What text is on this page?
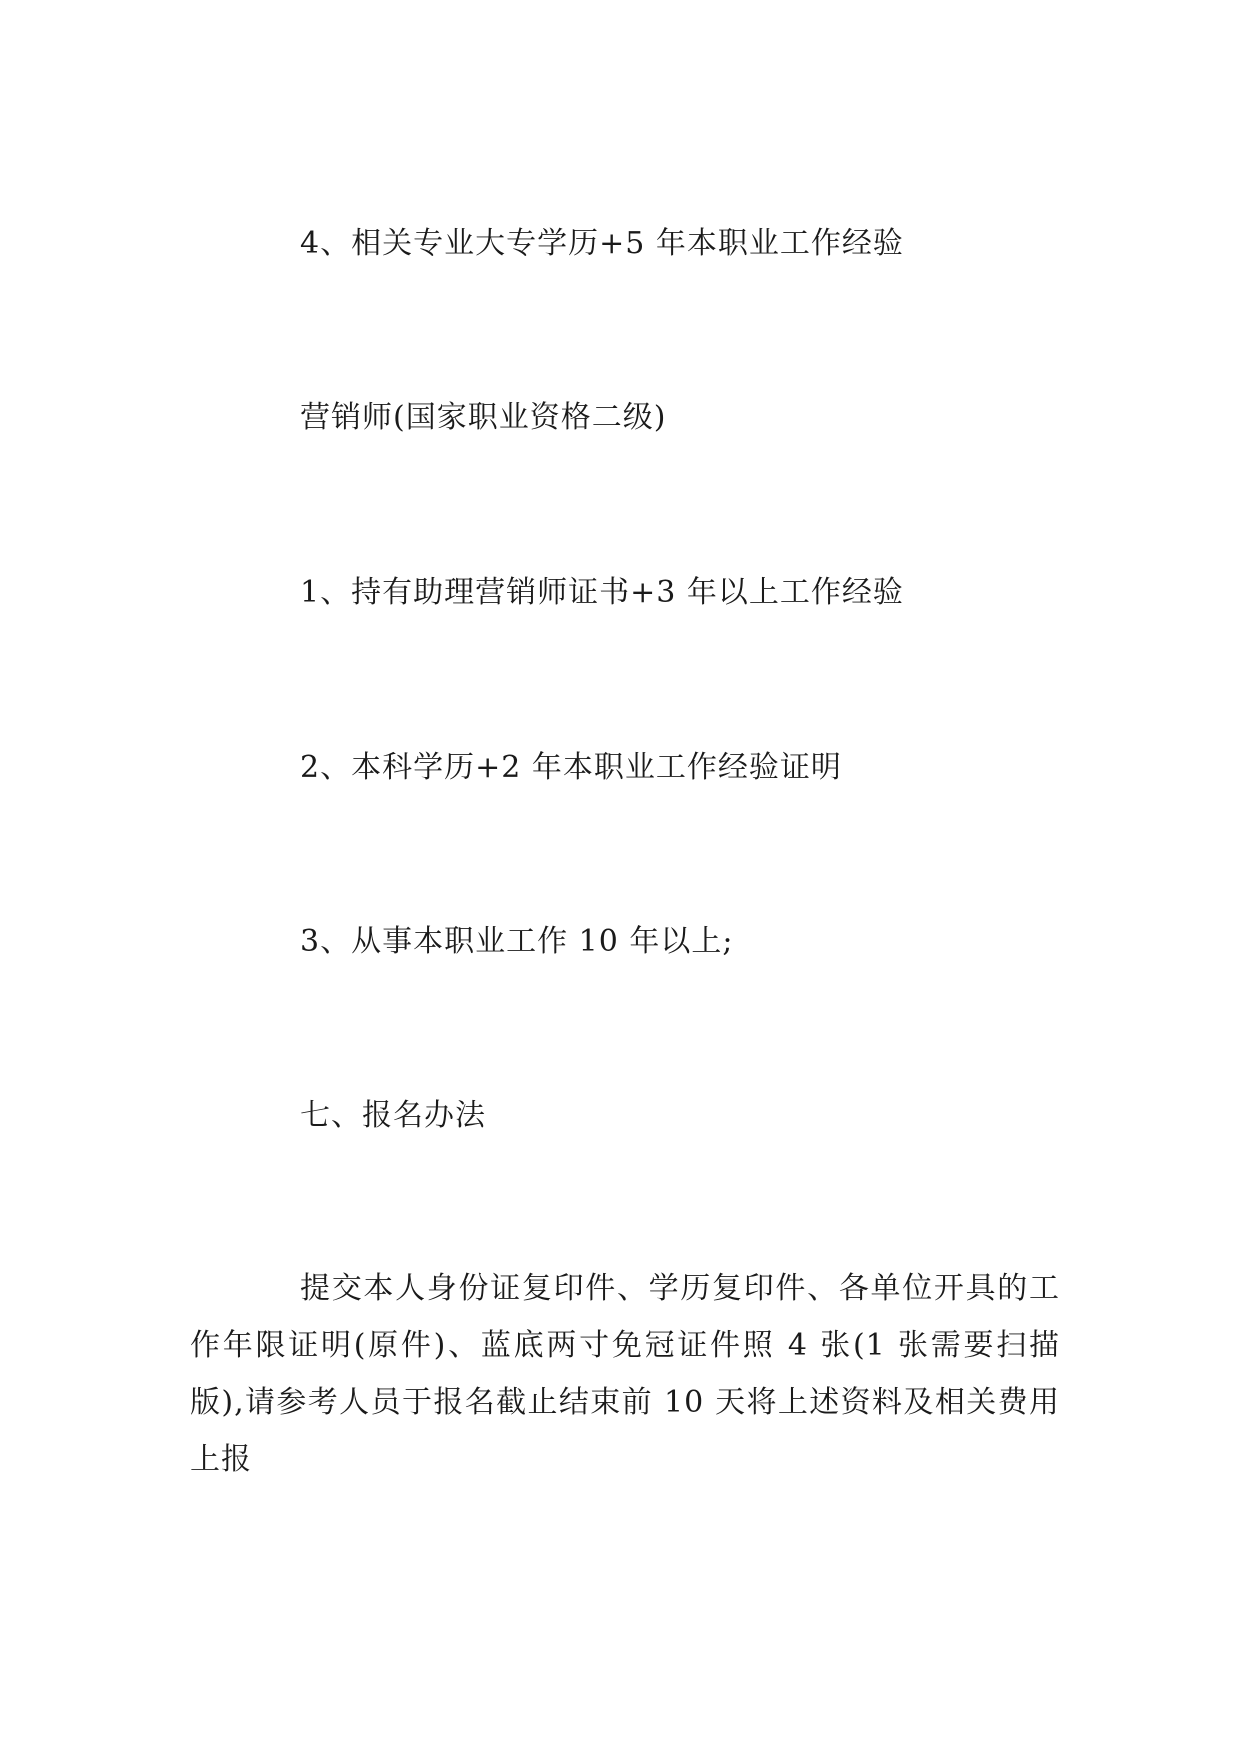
4、相关专业大专学历+5 年本职业工作经验
营销师(国家职业资格二级)
1、持有助理营销师证书+3 年以上工作经验
2、本科学历+2 年本职业工作经验证明
3、从事本职业工作 10 年以上;
七、报名办法
提交本人身份证复印件、学历复印件、各单位开具的工作年限证明(原件)、蓝底两寸免冠证件照 4 张(1 张需要扫描版),请参考人员于报名截止结束前 10 天将上述资料及相关费用上报
